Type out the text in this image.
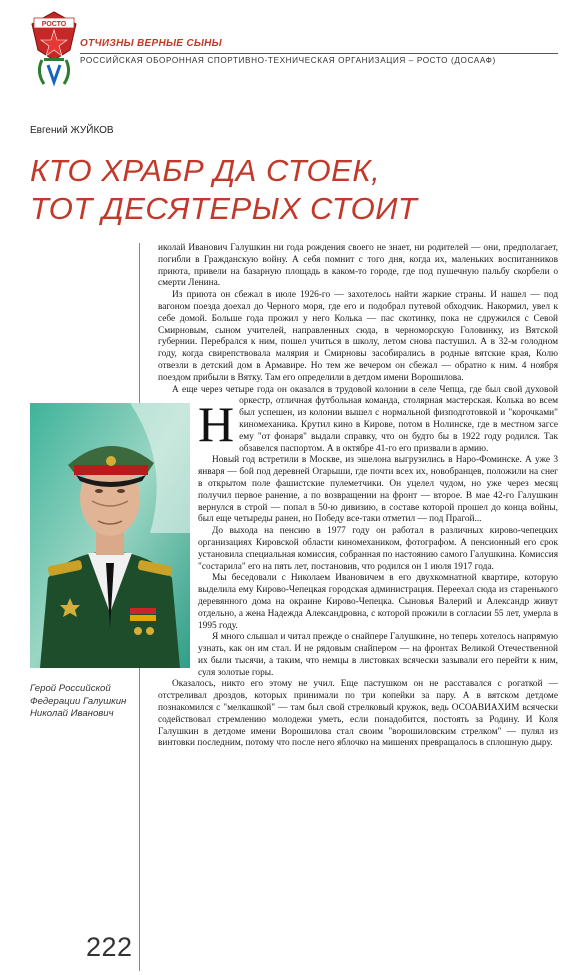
РОСТО
ОТЧИЗНЫ ВЕРНЫЕ СЫНЫ
РОССИЙСКАЯ ОБОРОННАЯ СПОРТИВНО-ТЕХНИЧЕСКАЯ ОРГАНИЗАЦИЯ – РОСТО (ДОСААФ)
Евгений ЖУЙКОВ
КТО ХРАБР ДА СТОЕК,
ТОТ ДЕСЯТЕРЫХ СТОИТ
Герой Российской Федерации Галушкин Николай Иванович

Н
иколай Иванович Галушкин ни года рождения своего не знает, ни родителей — они, предполагает, погибли в Гражданскую войну. А себя помнит с того дня, когда их, маленьких воспитанников приюта, привели на базарную площадь в каком-то городе, где под пушечную пальбу скорбели о смерти Ленина.

Из приюта он сбежал в июле 1926-го — захотелось найти жаркие страны. И нашел — под вагоном поезда доехал до Черного моря, где его и подобрал путевой обходчик. Накормил, увел к себе домой. Больше года прожил у него Колька — пас скотинку, пока не сдружился с Севой Смирновым, сыном учителей, направленных сюда, в черноморскую Головинку, из Вятской губернии. Перебрался к ним, пошел учиться в школу, летом снова пастушил. А в 32-м голодном году, когда свирепствовала малярия и Смирновы засобирались в родные вятские края, Колю отвезли в детский дом в Армавире. Но тем же вечером он сбежал — обратно к ним. 4 ноября поездом прибыли в Вятку. Там его определили в детдом имени Ворошилова.

А еще через четыре года он оказался в трудовой колонии в селе Чепца, где был свой духовой оркестр, отличная футбольная команда, столярная мастерская. Колька во всем был успешен, из колонии вышел с нормальной физподготовкой и "корочками" киномеханика. Крутил кино в Кирове, потом в Нолинске, где в местном загсе ему "от фонаря" выдали справку, что он будто бы в 1922 году родился. Так обзавелся паспортом. А в октябре 41-го его призвали в армию.

Новый год встретили в Москве, из эшелона выгрузились в Наро-Фоминске. А уже 3 января — бой под деревней Огарыши, где почти всех их, новобранцев, положили на снег в открытом поле фашистские пулеметчики. Он уцелел чудом, но уже через месяц получил первое ранение, а по возвращении на фронт — второе. В мае 42-го Галушкин вернулся в строй — попал в 50-ю дивизию, в составе которой прошел до конца войны, был еще четыреды ранен, но Победу все-таки отметил — под Прагой...

До выхода на пенсию в 1977 году он работал в различных кирово-чепецких организациях Кировской области киномехаником, фотографом. А пенсионный его срок установила специальная комиссия, собранная по настоянию самого Галушкина. Комиссия "состарила" его на пять лет, постановив, что родился он 1 июля 1917 года.

Мы беседовали с Николаем Ивановичем в его двухкомнатной квартире, которую выделила ему Кирово-Чепецкая городская администрация. Переехал сюда из старенького деревянного дома на окраине Кирово-Чепецка. Сыновья Валерий и Александр живут отдельно, а жена Надежда Александровна, с которой прожили в согласии 55 лет, умерла в 1995 году.

Я много слышал и читал прежде о снайпере Галушкине, но теперь хотелось напрямую узнать, как он им стал. И не рядовым снайпером — на фронтах Великой Отечественной их были тысячи, а таким, что немцы в листовках всячески зазывали его перейти к ним, суля золотые горы.

Оказалось, никто его этому не учил. Еще пастушком он не расставался с рогаткой — отстреливал дроздов, которых принимали по три копейки за пару. А в вятском детдоме познакомился с "мелкашкой" — там был свой стрелковый кружок, ведь ОСОАВИАХИМ всячески содействовал стремлению молодежи уметь, если понадобится, постоять за Родину. И Коля Галушкин в детдоме имени Ворошилова стал своим "ворошиловским стрелком" — пулял из винтовки последним, потому что после него яблочко на мишенях превращалось в сплошную дыру.

222
